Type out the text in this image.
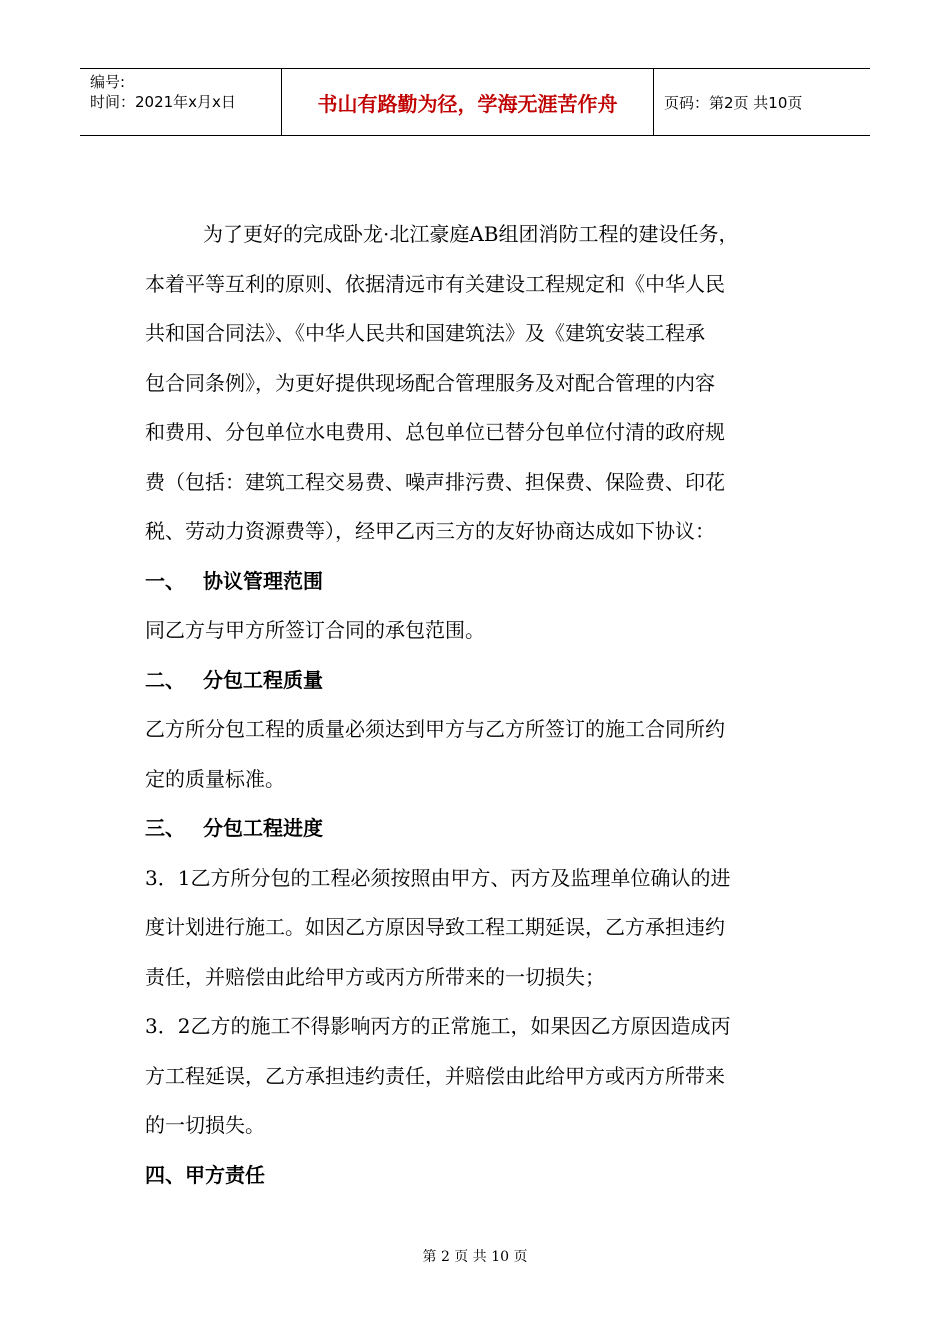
编号:
时间：2021年x月x日	书山有路勤为径，学海无涯苦作舟	页码：第2页 共10页
为了更好的完成卧龙·北江豪庭AB组团消防工程的建设任务，
本着平等互利的原则、依据清远市有关建设工程规定和《中华人民
共和国合同法》、《中华人民共和国建筑法》及《建筑安装工程承
包合同条例》，为更好提供现场配合管理服务及对配合管理的内容
和费用、分包单位水电费用、总包单位已替分包单位付清的政府规
费（包括：建筑工程交易费、噪声排污费、担保费、保险费、印花
税、劳动力资源费等），经甲乙丙三方的友好协商达成如下协议：
一、 协议管理范围
同乙方与甲方所签订合同的承包范围。
二、 分包工程质量
乙方所分包工程的质量必须达到甲方与乙方所签订的施工合同所约
定的质量标准。
三、 分包工程进度
3．1乙方所分包的工程必须按照由甲方、丙方及监理单位确认的进
度计划进行施工。如因乙方原因导致工程工期延误，乙方承担违约
责任，并赔偿由此给甲方或丙方所带来的一切损失；
3．2乙方的施工不得影响丙方的正常施工，如果因乙方原因造成丙
方工程延误，乙方承担违约责任，并赔偿由此给甲方或丙方所带来
的一切损失。
四、甲方责任
第 2 页 共 10 页
